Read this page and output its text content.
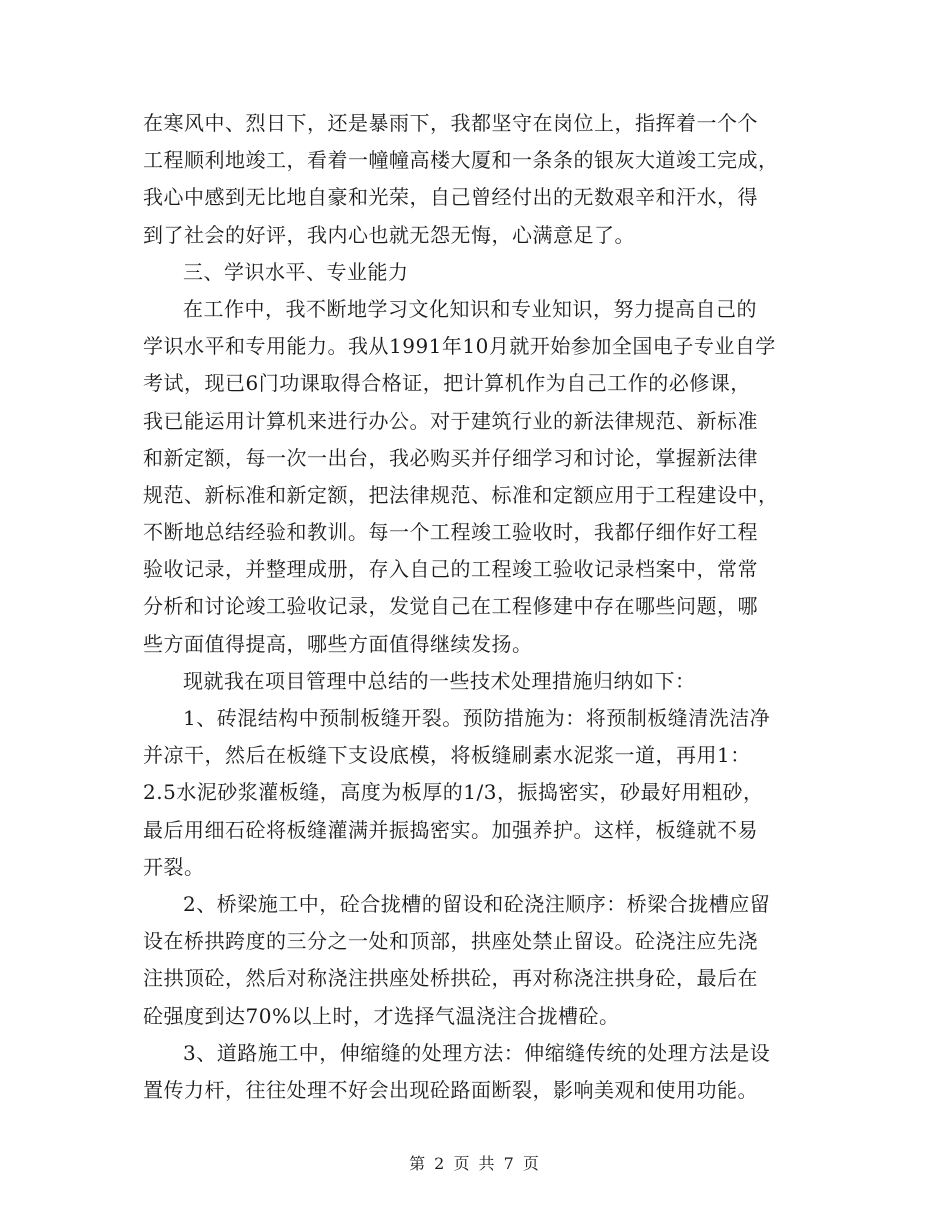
在寒风中、烈日下，还是暴雨下，我都坚守在岗位上，指挥着一个个
工程顺利地竣工，看着一幢幢高楼大厦和一条条的银灰大道竣工完成，
我心中感到无比地自豪和光荣，自己曾经付出的无数艰辛和汗水，得
到了社会的好评，我内心也就无怨无悔，心满意足了。
三、学识水平、专业能力
在工作中，我不断地学习文化知识和专业知识，努力提高自己的
学识水平和专用能力。我从1991年10月就开始参加全国电子专业自学
考试，现已6门功课取得合格证，把计算机作为自己工作的必修课，
我已能运用计算机来进行办公。对于建筑行业的新法律规范、新标准
和新定额，每一次一出台，我必购买并仔细学习和讨论，掌握新法律
规范、新标准和新定额，把法律规范、标准和定额应用于工程建设中，
不断地总结经验和教训。每一个工程竣工验收时，我都仔细作好工程
验收记录，并整理成册，存入自己的工程竣工验收记录档案中，常常
分析和讨论竣工验收记录，发觉自己在工程修建中存在哪些问题，哪
些方面值得提高，哪些方面值得继续发扬。
现就我在项目管理中总结的一些技术处理措施归纳如下：
1、砖混结构中预制板缝开裂。预防措施为：将预制板缝清洗洁净
并凉干，然后在板缝下支设底模，将板缝刷素水泥浆一道，再用1：
2.5水泥砂浆灌板缝，高度为板厚的1/3，振捣密实，砂最好用粗砂，
最后用细石砼将板缝灌满并振捣密实。加强养护。这样，板缝就不易
开裂。
2、桥梁施工中，砼合拢槽的留设和砼浇注顺序：桥梁合拢槽应留
设在桥拱跨度的三分之一处和顶部，拱座处禁止留设。砼浇注应先浇
注拱顶砼，然后对称浇注拱座处桥拱砼，再对称浇注拱身砼，最后在
砼强度到达70%以上时，才选择气温浇注合拢槽砼。
3、道路施工中，伸缩缝的处理方法：伸缩缝传统的处理方法是设
置传力杆，往往处理不好会出现砼路面断裂，影响美观和使用功能。
第 2 页 共 7 页
